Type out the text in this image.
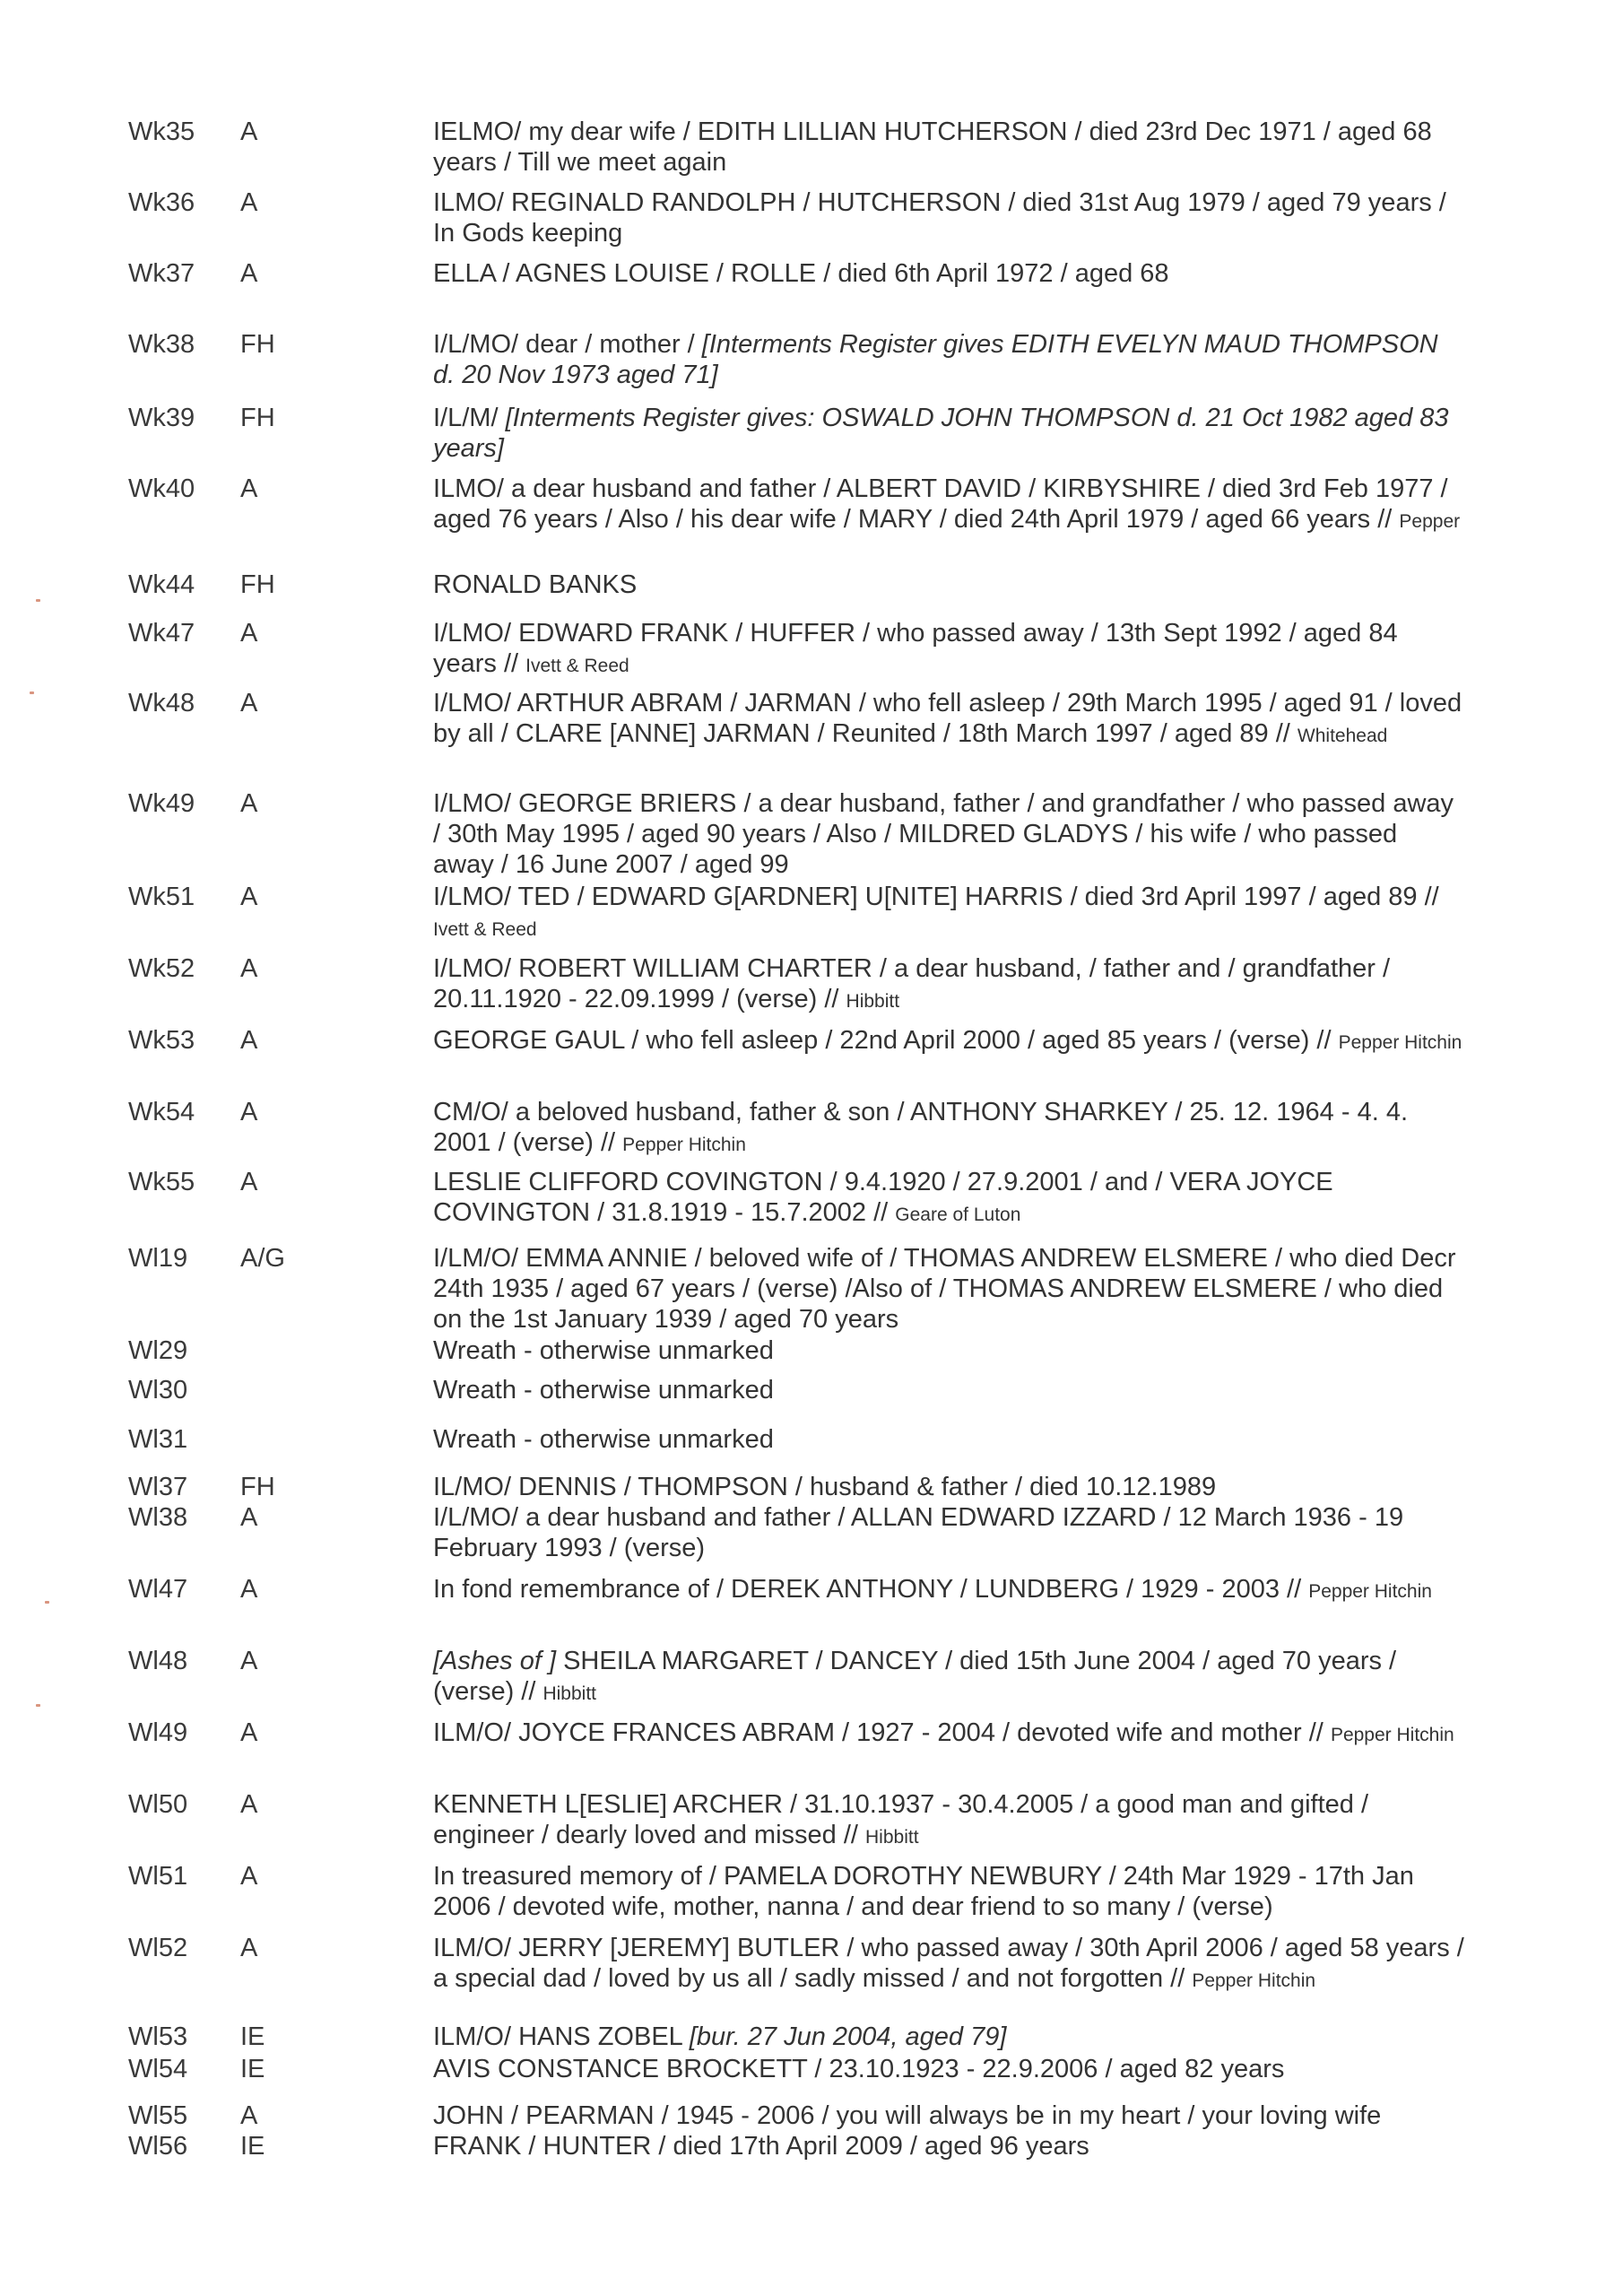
Wk35 A	IELMO/ my dear wife / EDITH LILLIAN HUTCHERSON / died 23rd Dec 1971 / aged 68 years / Till we meet again
Wk36 A	ILMO/ REGINALD RANDOLPH / HUTCHERSON / died 31st Aug 1979 / aged 79 years / In Gods keeping
Wk37 A	ELLA / AGNES LOUISE / ROLLE / died 6th April 1972 / aged 68
Wk38 FH	I/L/MO/ dear / mother / [Interments Register gives EDITH EVELYN MAUD THOMPSON d. 20 Nov 1973 aged 71]
Wk39 FH	I/L/M/ [Interments Register gives: OSWALD JOHN THOMPSON d. 21 Oct 1982 aged 83 years]
Wk40 A	ILMO/ a dear husband and father / ALBERT DAVID / KIRBYSHIRE / died 3rd Feb 1977 / aged 76 years / Also / his dear wife / MARY / died 24th April 1979 / aged 66 years // Pepper
Wk44 FH	RONALD BANKS
Wk47 A	I/LMO/ EDWARD FRANK / HUFFER / who passed away / 13th Sept 1992 / aged 84 years // Ivett & Reed
Wk48 A	I/LMO/ ARTHUR ABRAM / JARMAN / who fell asleep / 29th March 1995 / aged 91 / loved by all / CLARE [ANNE] JARMAN / Reunited / 18th March 1997 / aged 89 // Whitehead
Wk49 A	I/LMO/ GEORGE BRIERS / a dear husband, father / and grandfather / who passed away / 30th May 1995 / aged 90 years / Also / MILDRED GLADYS / his wife / who passed away / 16 June 2007 / aged 99
Wk51 A	I/LMO/ TED / EDWARD G[ARDNER] U[NITE] HARRIS / died 3rd April 1997 / aged 89 // Ivett & Reed
Wk52 A	I/LMO/ ROBERT WILLIAM CHARTER / a dear husband, / father and / grandfather / 20.11.1920 - 22.09.1999 / (verse) // Hibbitt
Wk53 A	GEORGE GAUL / who fell asleep / 22nd April 2000 / aged 85 years / (verse) // Pepper Hitchin
Wk54 A	CM/O/ a beloved husband, father & son / ANTHONY SHARKEY / 25. 12. 1964 - 4. 4. 2001 / (verse) // Pepper Hitchin
Wk55 A	LESLIE CLIFFORD COVINGTON / 9.4.1920 / 27.9.2001 / and / VERA JOYCE COVINGTON / 31.8.1919 - 15.7.2002 // Geare of Luton
Wl19 A/G	I/LM/O/ EMMA ANNIE / beloved wife of / THOMAS ANDREW ELSMERE / who died Decr 24th 1935 / aged 67 years / (verse) /Also of / THOMAS ANDREW ELSMERE / who died on the 1st January 1939 / aged 70 years
Wl29	Wreath - otherwise unmarked
Wl30	Wreath - otherwise unmarked
Wl31	Wreath - otherwise unmarked
Wl37 FH	IL/MO/ DENNIS / THOMPSON / husband & father / died 10.12.1989
Wl38 A	I/L/MO/ a dear husband and father / ALLAN EDWARD IZZARD / 12 March 1936 - 19 February 1993 / (verse)
Wl47 A	In fond remembrance of / DEREK ANTHONY / LUNDBERG / 1929 - 2003 // Pepper Hitchin
Wl48 A	[Ashes of ] SHEILA MARGARET / DANCEY / died 15th June 2004 / aged 70 years / (verse) // Hibbitt
Wl49 A	ILM/O/ JOYCE FRANCES ABRAM / 1927 - 2004 / devoted wife and mother // Pepper Hitchin
Wl50 A	KENNETH L[ESLIE] ARCHER / 31.10.1937 - 30.4.2005 / a good man and gifted / engineer / dearly loved and missed // Hibbitt
Wl51 A	In treasured memory of / PAMELA DOROTHY NEWBURY / 24th Mar 1929 - 17th Jan 2006 / devoted wife, mother, nanna / and dear friend to so many / (verse)
Wl52 A	ILM/O/ JERRY [JEREMY] BUTLER / who passed away / 30th April 2006 / aged 58 years / a special dad / loved by us all / sadly missed / and not forgotten // Pepper Hitchin
Wl53 IE	ILM/O/ HANS ZOBEL [bur. 27 Jun 2004, aged 79]
Wl54 IE	AVIS CONSTANCE BROCKETT / 23.10.1923 - 22.9.2006 / aged 82 years
Wl55 A	JOHN / PEARMAN / 1945 - 2006 / you will always be in my heart / your loving wife
Wl56 IE	FRANK / HUNTER / died 17th April 2009 / aged 96 years
